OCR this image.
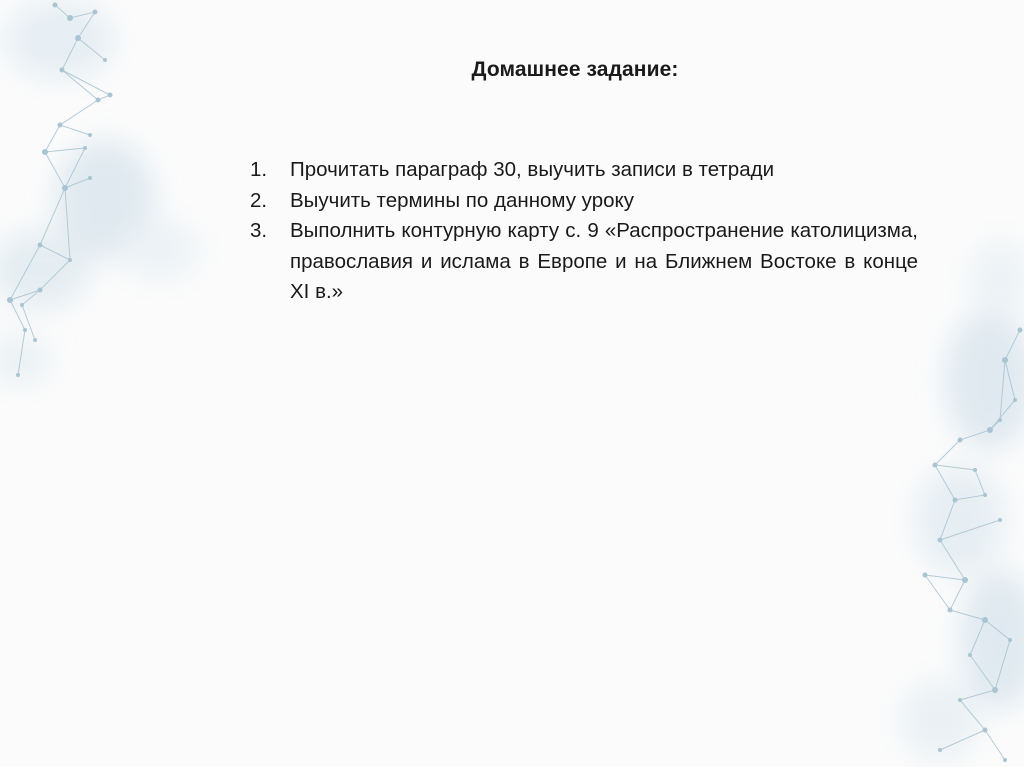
Домашнее задание:
1.	Прочитать параграф 30, выучить записи в тетради
2.	Выучить термины по данному уроку
3.	Выполнить контурную карту с. 9 «Распространение католицизма, православия и ислама в Европе и на Ближнем Востоке в конце XI в.»
